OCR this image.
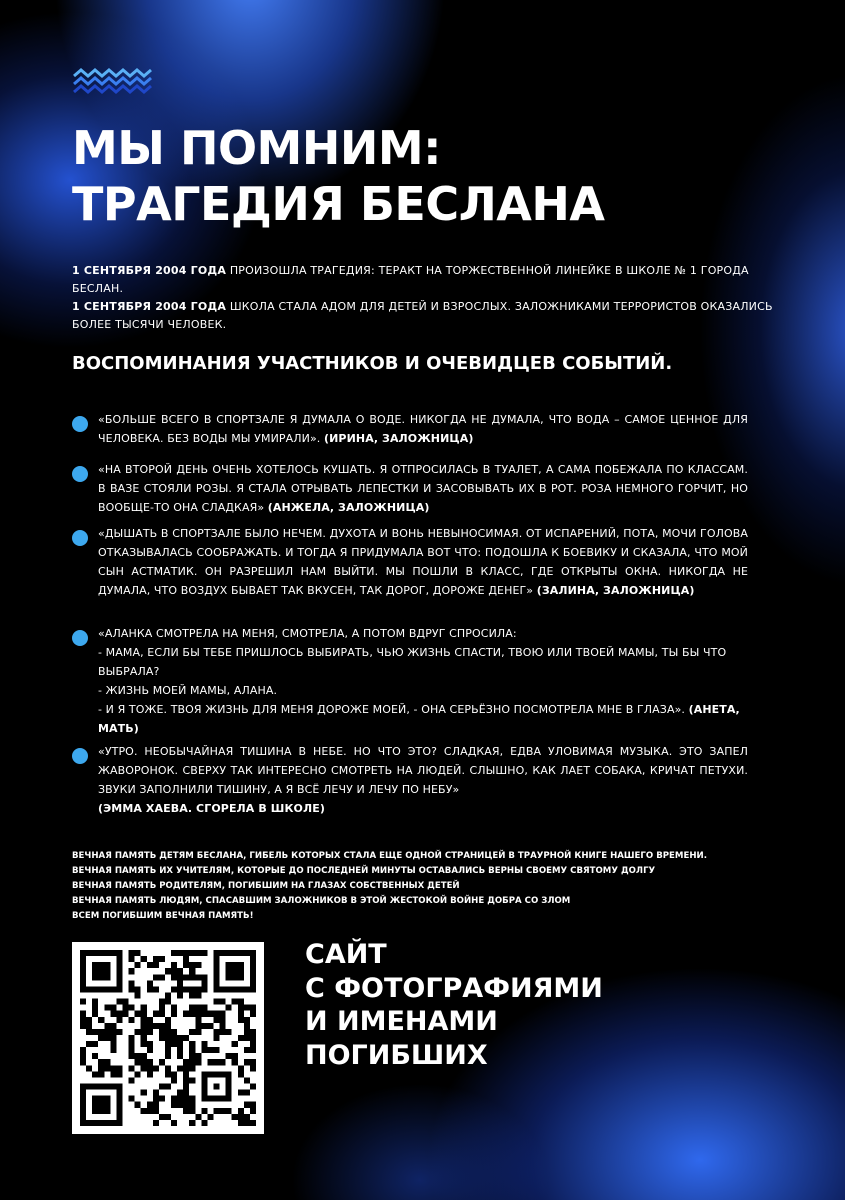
МЫ ПОМНИМ:
ТРАГЕДИЯ БЕСЛАНА

1 СЕНТЯБРЯ 2004 ГОДА ПРОИЗОШЛА ТРАГЕДИЯ: ТЕРАКТ НА ТОРЖЕСТВЕННОЙ ЛИНЕЙКЕ В ШКОЛЕ № 1 ГОРОДА БЕСЛАН.

1 СЕНТЯБРЯ 2004 ГОДА ШКОЛА СТАЛА АДОМ ДЛЯ ДЕТЕЙ И ВЗРОСЛЫХ. ЗАЛОЖНИКАМИ ТЕРРОРИСТОВ ОКАЗАЛИСЬ БОЛЕЕ ТЫСЯЧИ ЧЕЛОВЕК.

ВОСПОМИНАНИЯ УЧАСТНИКОВ И ОЧЕВИДЦЕВ СОБЫТИЙ.

«БОЛЬШЕ ВСЕГО В СПОРТЗАЛЕ Я ДУМАЛА О ВОДЕ. НИКОГДА НЕ ДУМАЛА, ЧТО ВОДА – САМОЕ ЦЕННОЕ ДЛЯ ЧЕЛОВЕКА. БЕЗ ВОДЫ МЫ УМИРАЛИ». (ИРИНА, ЗАЛОЖНИЦА)

«НА ВТОРОЙ ДЕНЬ ОЧЕНЬ ХОТЕЛОСЬ КУШАТЬ. Я ОТПРОСИЛАСЬ В ТУАЛЕТ, А САМА ПОБЕЖАЛА ПО КЛАССАМ. В ВАЗЕ СТОЯЛИ РОЗЫ. Я СТАЛА ОТРЫВАТЬ ЛЕПЕСТКИ И ЗАСОВЫВАТЬ ИХ В РОТ. РОЗА НЕМНОГО ГОРЧИТ, НО ВООБЩЕ-ТО ОНА СЛАДКАЯ» (АНЖЕЛА, ЗАЛОЖНИЦА)

«ДЫШАТЬ В СПОРТЗАЛЕ БЫЛО НЕЧЕМ. ДУХОТА И ВОНЬ НЕВЫНОСИМАЯ. ОТ ИСПАРЕНИЙ, ПОТА, МОЧИ ГОЛОВА ОТКАЗЫВАЛАСЬ СООБРАЖАТЬ. И ТОГДА Я ПРИДУМАЛА ВОТ ЧТО: ПОДОШЛА К БОЕВИКУ И СКАЗАЛА, ЧТО МОЙ СЫН АСТМАТИК. ОН РАЗРЕШИЛ НАМ ВЫЙТИ. МЫ ПОШЛИ В КЛАСС, ГДЕ ОТКРЫТЫ ОКНА. НИКОГДА НЕ ДУМАЛА, ЧТО ВОЗДУХ БЫВАЕТ ТАК ВКУСЕН, ТАК ДОРОГ, ДОРОЖЕ ДЕНЕГ» (ЗАЛИНА, ЗАЛОЖНИЦА)

«АЛАНКА СМОТРЕЛА НА МЕНЯ, СМОТРЕЛА, А ПОТОМ ВДРУГ СПРОСИЛА:
- МАМА, ЕСЛИ БЫ ТЕБЕ ПРИШЛОСЬ ВЫБИРАТЬ, ЧЬЮ ЖИЗНЬ СПАСТИ, ТВОЮ ИЛИ ТВОЕЙ МАМЫ, ТЫ БЫ ЧТО ВЫБРАЛА?
- ЖИЗНЬ МОЕЙ МАМЫ, АЛАНА.
- И Я ТОЖЕ. ТВОЯ ЖИЗНЬ ДЛЯ МЕНЯ ДОРОЖЕ МОЕЙ, - ОНА СЕРЬЁЗНО ПОСМОТРЕЛА МНЕ В ГЛАЗА». (АНЕТА, МАТЬ)

«УТРО. НЕОБЫЧАЙНАЯ ТИШИНА В НЕБЕ. НО ЧТО ЭТО? СЛАДКАЯ, ЕДВА УЛОВИМАЯ МУЗЫКА. ЭТО ЗАПЕЛ ЖАВОРОНОК. СВЕРХУ ТАК ИНТЕРЕСНО СМОТРЕТЬ НА ЛЮДЕЙ. СЛЫШНО, КАК ЛАЕТ СОБАКА, КРИЧАТ ПЕТУХИ. ЗВУКИ ЗАПОЛНИЛИ ТИШИНУ, А Я ВСЁ ЛЕЧУ И ЛЕЧУ ПО НЕБУ»
(ЭММА ХАЕВА. СГОРЕЛА В ШКОЛЕ)

ВЕЧНАЯ ПАМЯТЬ ДЕТЯМ БЕСЛАНА, ГИБЕЛЬ КОТОРЫХ СТАЛА ЕЩЕ ОДНОЙ СТРАНИЦЕЙ В ТРАУРНОЙ КНИГЕ НАШЕГО ВРЕМЕНИ.
ВЕЧНАЯ ПАМЯТЬ ИХ УЧИТЕЛЯМ, КОТОРЫЕ ДО ПОСЛЕДНЕЙ МИНУТЫ ОСТАВАЛИСЬ ВЕРНЫ СВОЕМУ СВЯТОМУ ДОЛГУ
ВЕЧНАЯ ПАМЯТЬ РОДИТЕЛЯМ, ПОГИБШИМ НА ГЛАЗАХ СОБСТВЕННЫХ ДЕТЕЙ
ВЕЧНАЯ ПАМЯТЬ ЛЮДЯМ, СПАСАВШИМ ЗАЛОЖНИКОВ В ЭТОЙ ЖЕСТОКОЙ ВОЙНЕ ДОБРА СО ЗЛОМ
ВСЕМ ПОГИБШИМ ВЕЧНАЯ ПАМЯТЬ!
САЙТ
С ФОТОГРАФИЯМИ
И ИМЕНАМИ
ПОГИБШИХ
